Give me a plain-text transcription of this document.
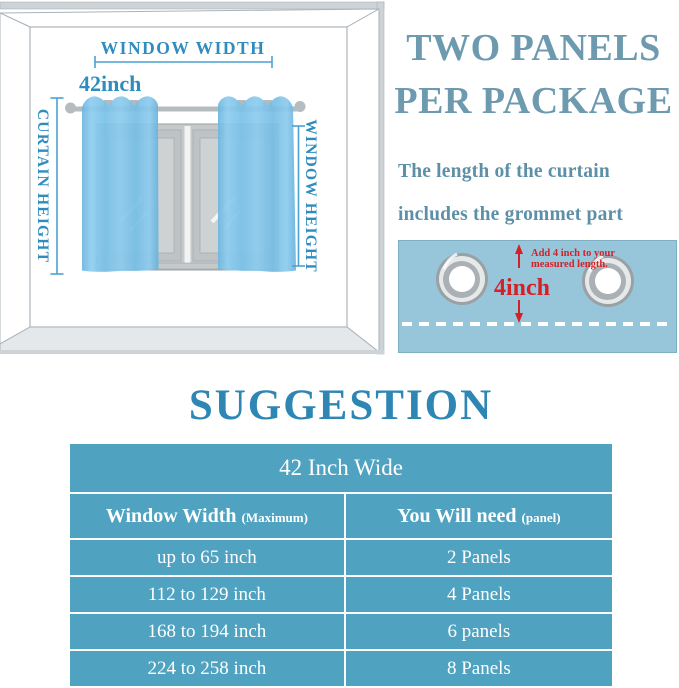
WINDOW WIDTH
42inch
CURTAIN HEIGHT	WINDOW HEIGHT
TWO PANELS
PER PACKAGE
The length of the curtain
includes the grommet part
4inch
Add 4 inch to your
measured length.
SUGGESTION
42 Inch Wide	
Window Width (Maximum)	You Will need (panel)
up to 65 inch	2 Panels
112 to 129 inch	4 Panels
168 to 194 inch	6 panels
224 to 258 inch	8 Panels
